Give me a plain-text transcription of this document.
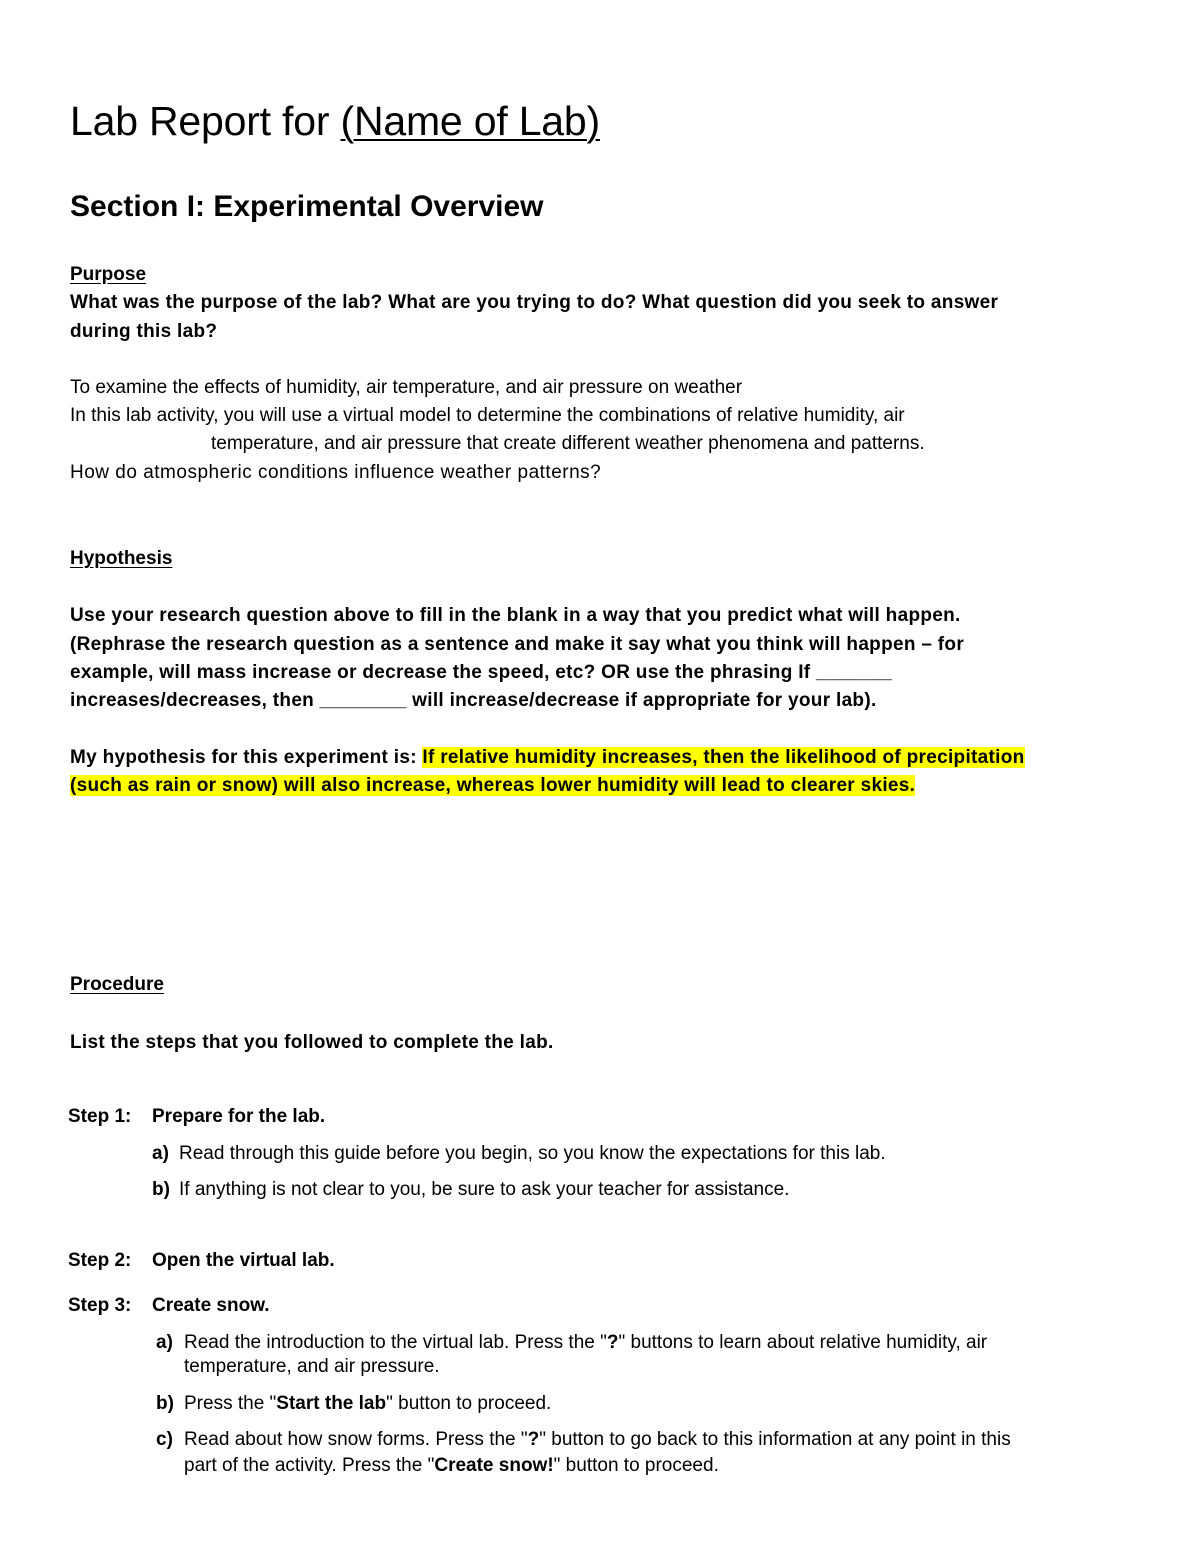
Lab Report for (Name of Lab)
Section I: Experimental Overview
Purpose
What was the purpose of the lab? What are you trying to do? What question did you seek to answer
during this lab?
To examine the effects of humidity, air temperature, and air pressure on weather
In this lab activity, you will use a virtual model to determine the combinations of relative humidity, air
temperature, and air pressure that create different weather phenomena and patterns.
How do atmospheric conditions influence weather patterns?
Hypothesis
Use your research question above to fill in the blank in a way that you predict what will happen.
(Rephrase the research question as a sentence and make it say what you think will happen – for
example, will mass increase or decrease the speed, etc? OR use the phrasing If _______
increases/decreases, then ________ will increase/decrease if appropriate for your lab).
My hypothesis for this experiment is: If relative humidity increases, then the likelihood of precipitation
(such as rain or snow) will also increase, whereas lower humidity will lead to clearer skies.
Procedure
List the steps that you followed to complete the lab.
Step 1: Prepare for the lab.
a) Read through this guide before you begin, so you know the expectations for this lab.
b) If anything is not clear to you, be sure to ask your teacher for assistance.
Step 2: Open the virtual lab.
Step 3: Create snow.
a) Read the introduction to the virtual lab. Press the "?" buttons to learn about relative humidity, air
temperature, and air pressure.
b) Press the "Start the lab" button to proceed.
c) Read about how snow forms. Press the "?" button to go back to this information at any point in this
part of the activity. Press the "Create snow!" button to proceed.
